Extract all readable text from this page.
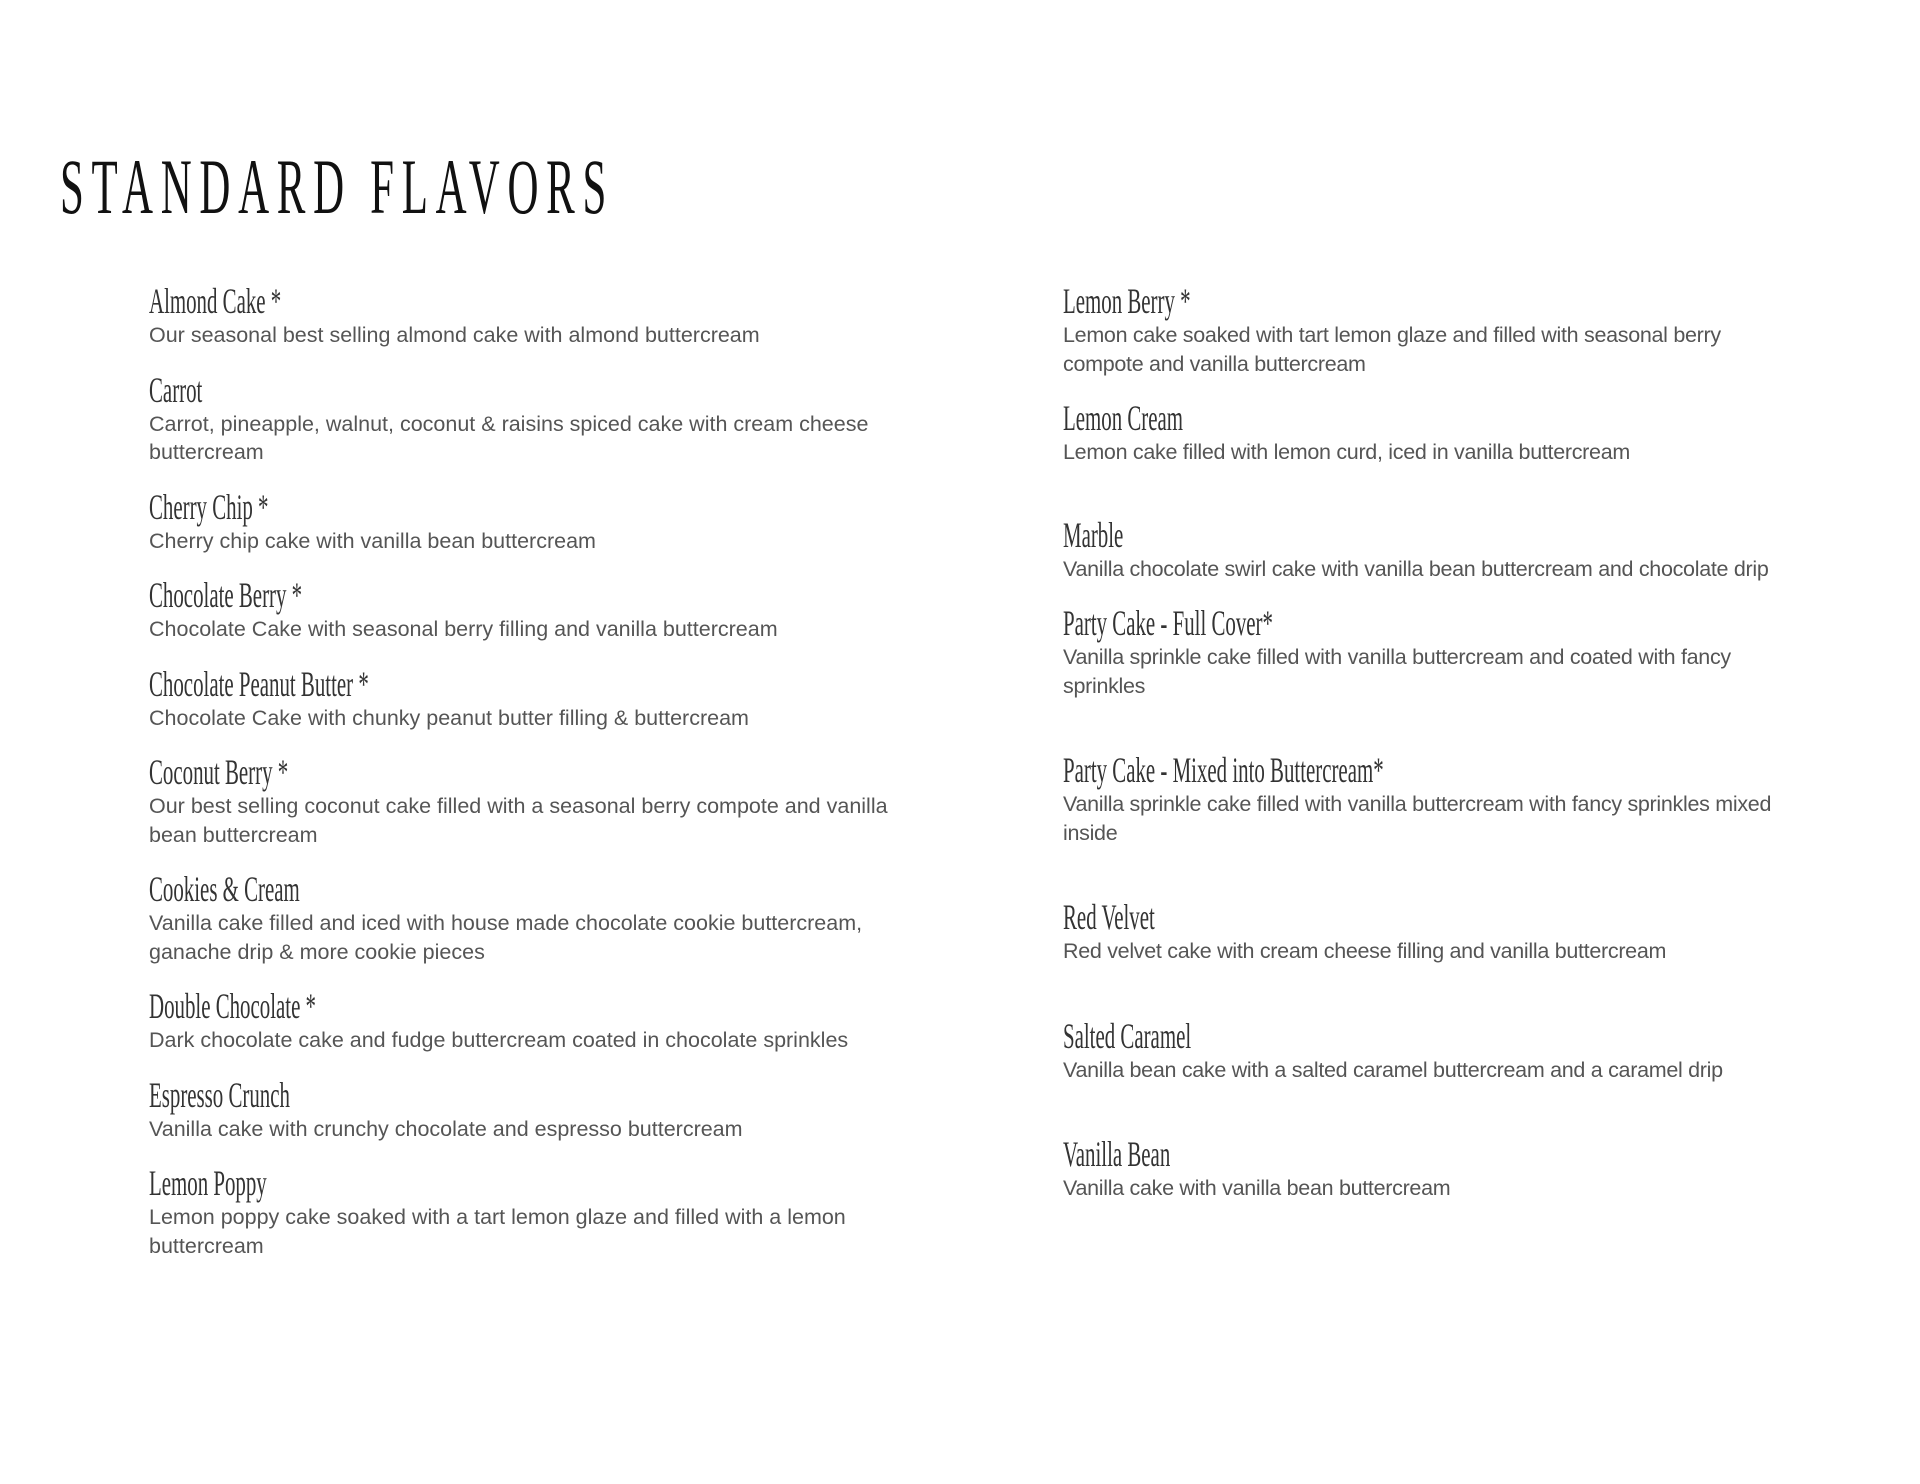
STANDARD FLAVORS
Almond Cake *
Our seasonal best selling almond cake with almond buttercream
Carrot
Carrot, pineapple, walnut, coconut & raisins spiced cake with cream cheese buttercream
Cherry Chip *
Cherry chip cake with vanilla bean buttercream
Chocolate Berry *
Chocolate Cake with seasonal berry filling and vanilla buttercream
Chocolate Peanut Butter *
Chocolate Cake with chunky peanut butter filling & buttercream
Coconut Berry *
Our best selling coconut cake filled with a seasonal berry compote and vanilla bean buttercream
Cookies & Cream
Vanilla cake filled and iced with house made chocolate cookie buttercream, ganache drip & more cookie pieces
Double Chocolate *
Dark chocolate cake and fudge buttercream coated in chocolate sprinkles
Espresso Crunch
Vanilla cake with crunchy chocolate and espresso buttercream
Lemon Poppy
Lemon poppy cake soaked with a tart lemon glaze and filled with a lemon buttercream
Lemon Berry *
Lemon cake soaked with tart lemon glaze and filled with seasonal berry compote and vanilla buttercream
Lemon Cream
Lemon cake filled with lemon curd, iced in vanilla buttercream
Marble
Vanilla chocolate swirl cake with vanilla bean buttercream and chocolate drip
Party Cake - Full Cover*
Vanilla sprinkle cake filled with vanilla buttercream and coated with fancy sprinkles
Party Cake - Mixed into Buttercream*
Vanilla sprinkle cake filled with vanilla buttercream with fancy sprinkles mixed inside
Red Velvet
Red velvet cake with cream cheese filling and vanilla buttercream
Salted Caramel
Vanilla bean cake with a salted caramel buttercream and a caramel drip
Vanilla Bean
Vanilla cake with vanilla bean buttercream
